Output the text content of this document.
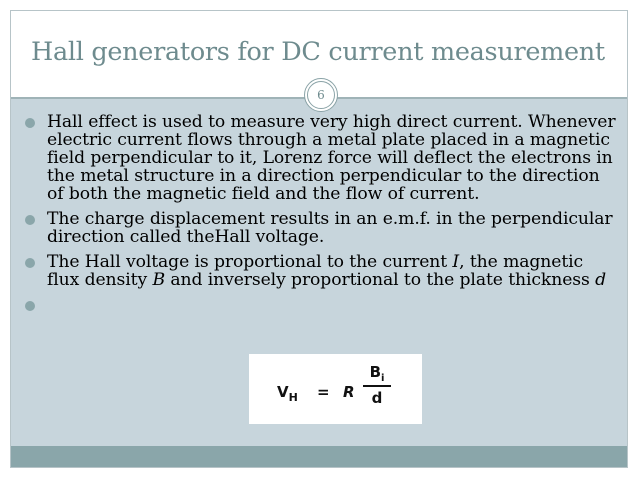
Hall generators for DC current measurement
6
Hall effect is used to measure very high direct current. Whenever electric current flows through a metal plate placed in a magnetic field perpendicular to it, Lorenz force will deflect the electrons in the metal structure in a direction perpendicular to the direction of both the magnetic field and the flow of current.
The charge displacement results in an e.m.f. in the perpendicular direction called theHall voltage.
The Hall voltage is proportional to the current I, the magnetic flux density B and inversely proportional to the plate thickness d
$V_H = R$
$B_i$
d
